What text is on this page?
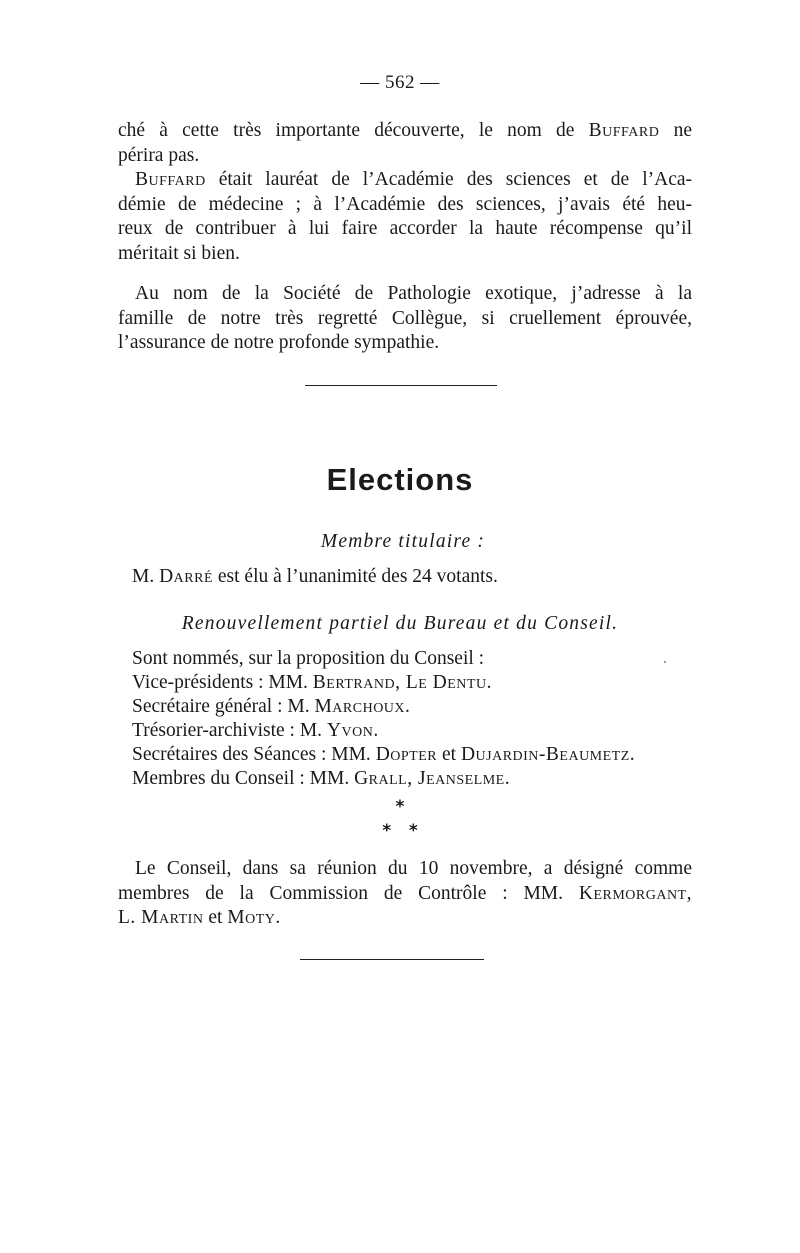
— 562 —
ché à cette très importante découverte, le nom de Buffard ne
périra pas.
Buffard était lauréat de l’Académie des sciences et de l’Aca-
démie de médecine ; à l’Académie des sciences, j’avais été heu-
reux de contribuer à lui faire accorder la haute récompense qu’il
méritait si bien.
Au nom de la Société de Pathologie exotique, j’adresse à la
famille de notre très regretté Collègue, si cruellement éprouvée,
l’assurance de notre profonde sympathie.
Elections
Membre titulaire :
M. Darré est élu à l’unanimité des 24 votants.
Renouvellement partiel du Bureau et du Conseil.
Sont nommés, sur la proposition du Conseil :
Vice-présidents : MM. Bertrand, Le Dentu.
Secrétaire général : M. Marchoux.
Trésorier-archiviste : M. Yvon.
Secrétaires des Séances : MM. Dopter et Dujardin-Beaumetz.
Membres du Conseil : MM. Grall, Jeanselme.
*
*   *
Le Conseil, dans sa réunion du 10 novembre, a désigné comme
membres de la Commission de Contrôle : MM. Kermorgant,
L. Martin et Moty.
